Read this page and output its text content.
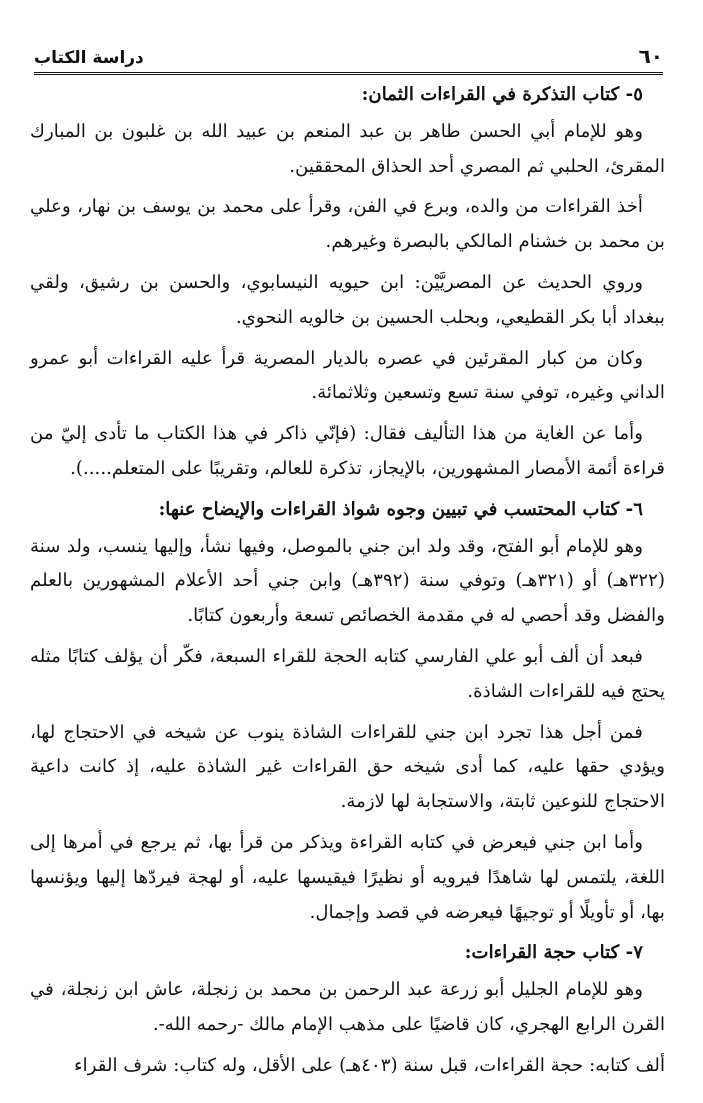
دراسة الكتاب	٦٠

٥- كتاب التذكرة في القراءات الثمان:

وهو للإمام أبي الحسن طاهر بن عبد المنعم بن عبيد الله بن غلبون بن المبارك المقرئ، الحلبي ثم المصري أحد الحذاق المحققين.

أخذ القراءات من والده، وبرع في الفن، وقرأ على محمد بن يوسف بن نهار، وعلي بن محمد بن خشنام المالكي بالبصرة وغيرهم.

وروي الحديث عن المصريَّيْن: ابن حيويه النيسابوي، والحسن بن رشيق، ولقي ببغداد أبا بكر القطيعي، وبحلب الحسين بن خالويه النحوي.

وكان من كبار المقرئين في عصره بالديار المصرية قرأ عليه القراءات أبو عمرو الداني وغيره، توفي سنة تسع وتسعين وثلاثمائة.

وأما عن الغاية من هذا التأليف فقال: (فإنّي ذاكر في هذا الكتاب ما تأدى إليّ من قراءة أئمة الأمصار المشهورين، بالإيجاز، تذكرة للعالم، وتقريبًا على المتعلم.....).

٦- كتاب المحتسب في تبيين وجوه شواذ القراءات والإيضاح عنها:

وهو للإمام أبو الفتح، وقد ولد ابن جني بالموصل، وفيها نشأ، وإليها ينسب، ولد سنة (٣٢٢هـ) أو (٣٢١هـ) وتوفي سنة (٣٩٢هـ) وابن جني أحد الأعلام المشهورين بالعلم والفضل وقد أحصي له في مقدمة الخصائص تسعة وأربعون كتابًا.

فبعد أن ألف أبو علي الفارسي كتابه الحجة للقراء السبعة، فكّر أن يؤلف كتابًا مثله يحتج فيه للقراءات الشاذة.

فمن أجل هذا تجرد ابن جني للقراءات الشاذة ينوب عن شيخه في الاحتجاج لها، ويؤدي حقها عليه، كما أدى شيخه حق القراءات غير الشاذة عليه، إذ كانت داعية الاحتجاج للنوعين ثابتة، والاستجابة لها لازمة.

وأما ابن جني فيعرض في كتابه القراءة ويذكر من قرأ بها، ثم يرجع في أمرها إلى اللغة، يلتمس لها شاهدًا فيرويه أو نظيرًا فيقيسها عليه، أو لهجة فيردّها إليها ويؤنسها بها، أو تأويلًا أو توجيهًا فيعرضه في قصد وإجمال.

٧- كتاب حجة القراءات:

وهو للإمام الجليل أبو زرعة عبد الرحمن بن محمد بن زنجلة، عاش ابن زنجلة، في القرن الرابع الهجري، كان قاضيًا على مذهب الإمام مالك -رحمه الله-.

ألف كتابه: حجة القراءات، قبل سنة (٤٠٣هـ) على الأقل، وله كتاب: شرف القراء
